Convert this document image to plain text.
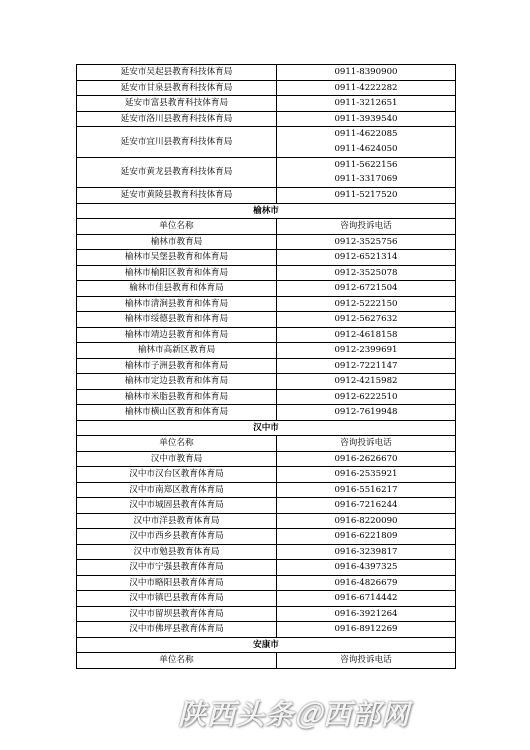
延安市吴起县教育科技体育局	0911-8390900

延安市甘泉县教育科技体育局	0911-4222282

延安市富县教育科技体育局	0911-3212651

延安市洛川县教育科技体育局	0911-3939540

延安市宜川县教育科技体育局	0911-4622085
0911-4624050

延安市黄龙县教育科技体育局	0911-5622156
0911-3317069

延安市黄陵县教育科技体育局	0911-5217520

榆林市	
单位名称	咨询投诉电话

榆林市教育局	0912-3525756

榆林市吴堡县教育和体育局	0912-6521314

榆林市榆阳区教育和体育局	0912-3525078

榆林市佳县教育和体育局	0912-6721504

榆林市清涧县教育和体育局	0912-5222150

榆林市绥德县教育和体育局	0912-5627632

榆林市靖边县教育和体育局	0912-4618158

榆林市高新区教育局	0912-2399691

榆林市子洲县教育和体育局	0912-7221147

榆林市定边县教育和体育局	0912-4215982

榆林市米脂县教育和体育局	0912-6222510

榆林市横山区教育和体育局	0912-7619948

汉中市	
单位名称	咨询投诉电话

汉中市教育局	0916-2626670

汉中市汉台区教育体育局	0916-2535921

汉中市南郑区教育体育局	0916-5516217

汉中市城固县教育体育局	0916-7216244

汉中市洋县教育体育局	0916-8220090

汉中市西乡县教育体育局	0916-6221809

汉中市勉县教育体育局	0916-3239817

汉中市宁强县教育体育局	0916-4397325

汉中市略阳县教育体育局	0916-4826679

汉中市镇巴县教育体育局	0916-6714442

汉中市留坝县教育体育局	0916-3921264

汉中市佛坪县教育体育局	0916-8912269

安康市	
单位名称	咨询投诉电话
陕西头条＠西部网
